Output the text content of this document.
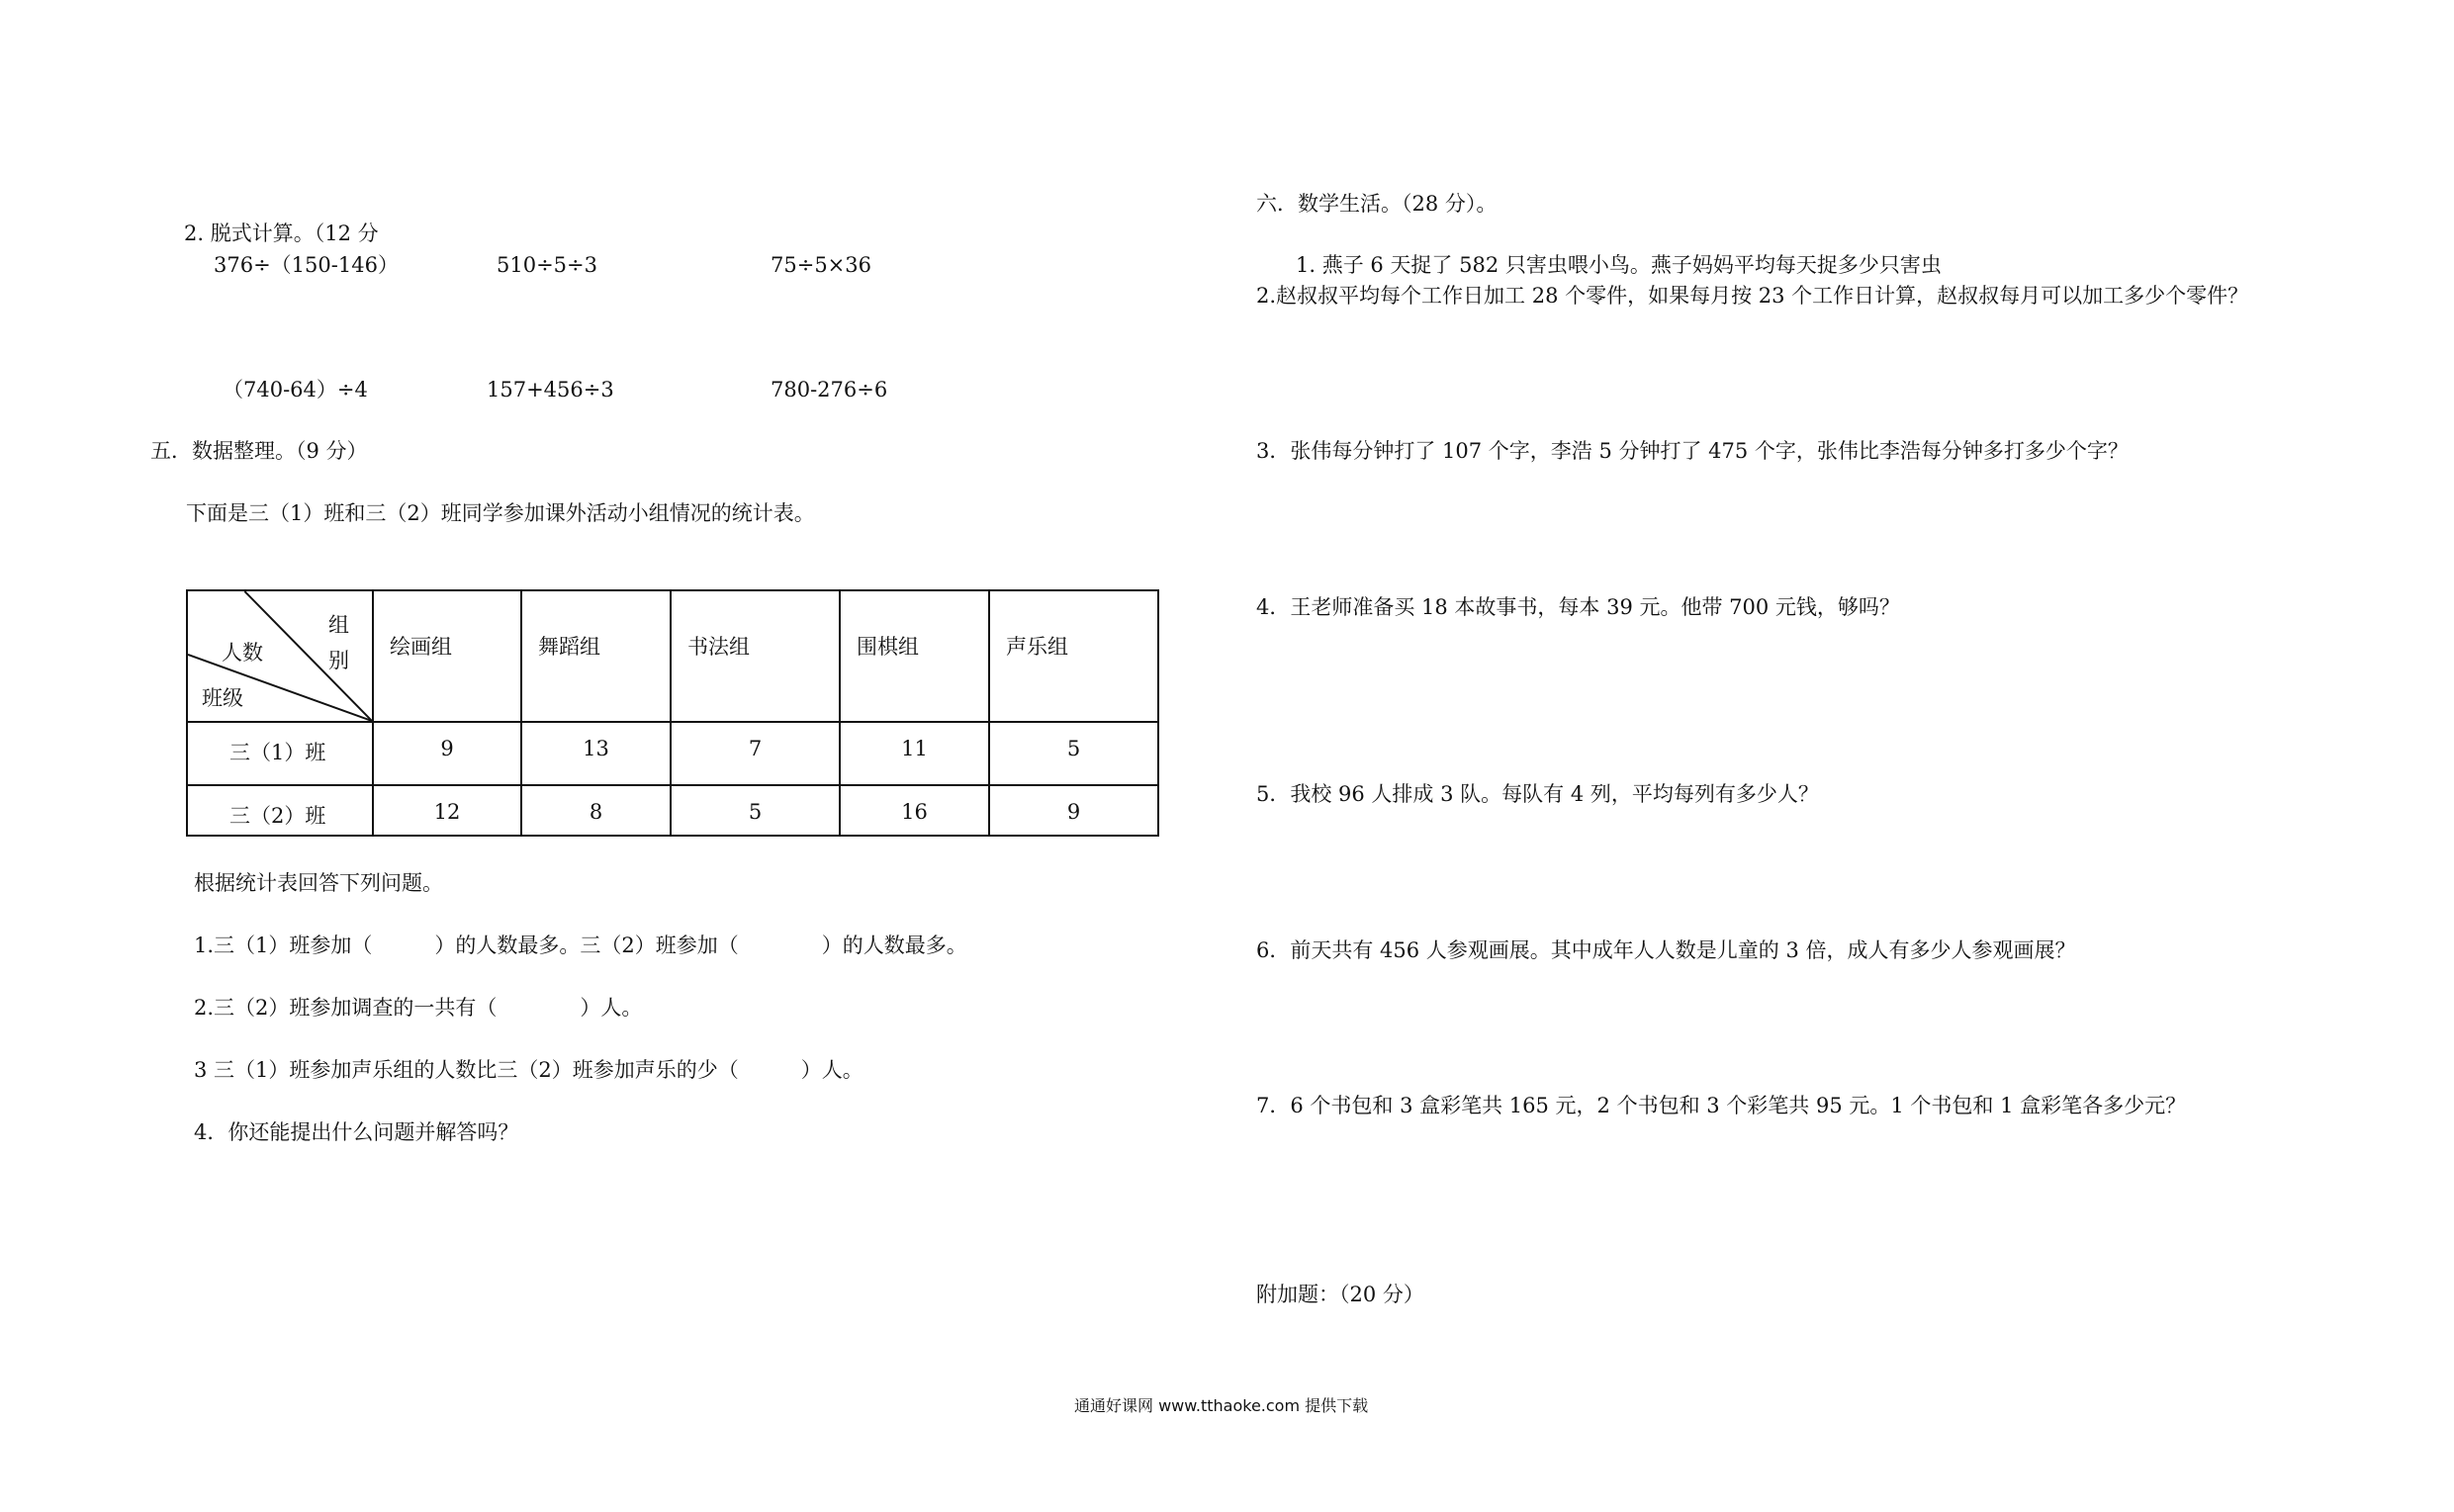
2. 脱式计算。（12 分
376÷（150-146）	510÷5÷3	75÷5×36
（740-64）÷4	157+456÷3	780-276÷6
五．数据整理。（9 分）
下面是三（1）班和三（2）班同学参加课外活动小组情况的统计表。
组
人数 别
班级	绘画组	舞蹈组	书法组	围棋组	声乐组

三（1）班	9	13	7	11	5

三（2）班	12	8	5	16	9
根据统计表回答下列问题。
1.三（1）班参加（　　　）的人数最多。三（2）班参加（　　　　）的人数最多。
2.三（2）班参加调查的一共有（　　　　）人。
3 三（1）班参加声乐组的人数比三（2）班参加声乐的少（　　　）人。
4．你还能提出什么问题并解答吗？
六．数学生活。（28 分）。
1. 燕子 6 天捉了 582 只害虫喂小鸟。燕子妈妈平均每天捉多少只害虫
2.赵叔叔平均每个工作日加工 28 个零件，如果每月按 23 个工作日计算，赵叔叔每月可以加工多少个零件？
3．张伟每分钟打了 107 个字，李浩 5 分钟打了 475 个字，张伟比李浩每分钟多打多少个字？
4．王老师准备买 18 本故事书，每本 39 元。他带 700 元钱，够吗？
5．我校 96 人排成 3 队。每队有 4 列，平均每列有多少人？
6．前天共有 456 人参观画展。其中成年人人数是儿童的 3 倍，成人有多少人参观画展？
7．6 个书包和 3 盒彩笔共 165 元，2 个书包和 3 个彩笔共 95 元。1 个书包和 1 盒彩笔各多少元？
附加题：（20 分）
通通好课网 www.tthaoke.com 提供下载
